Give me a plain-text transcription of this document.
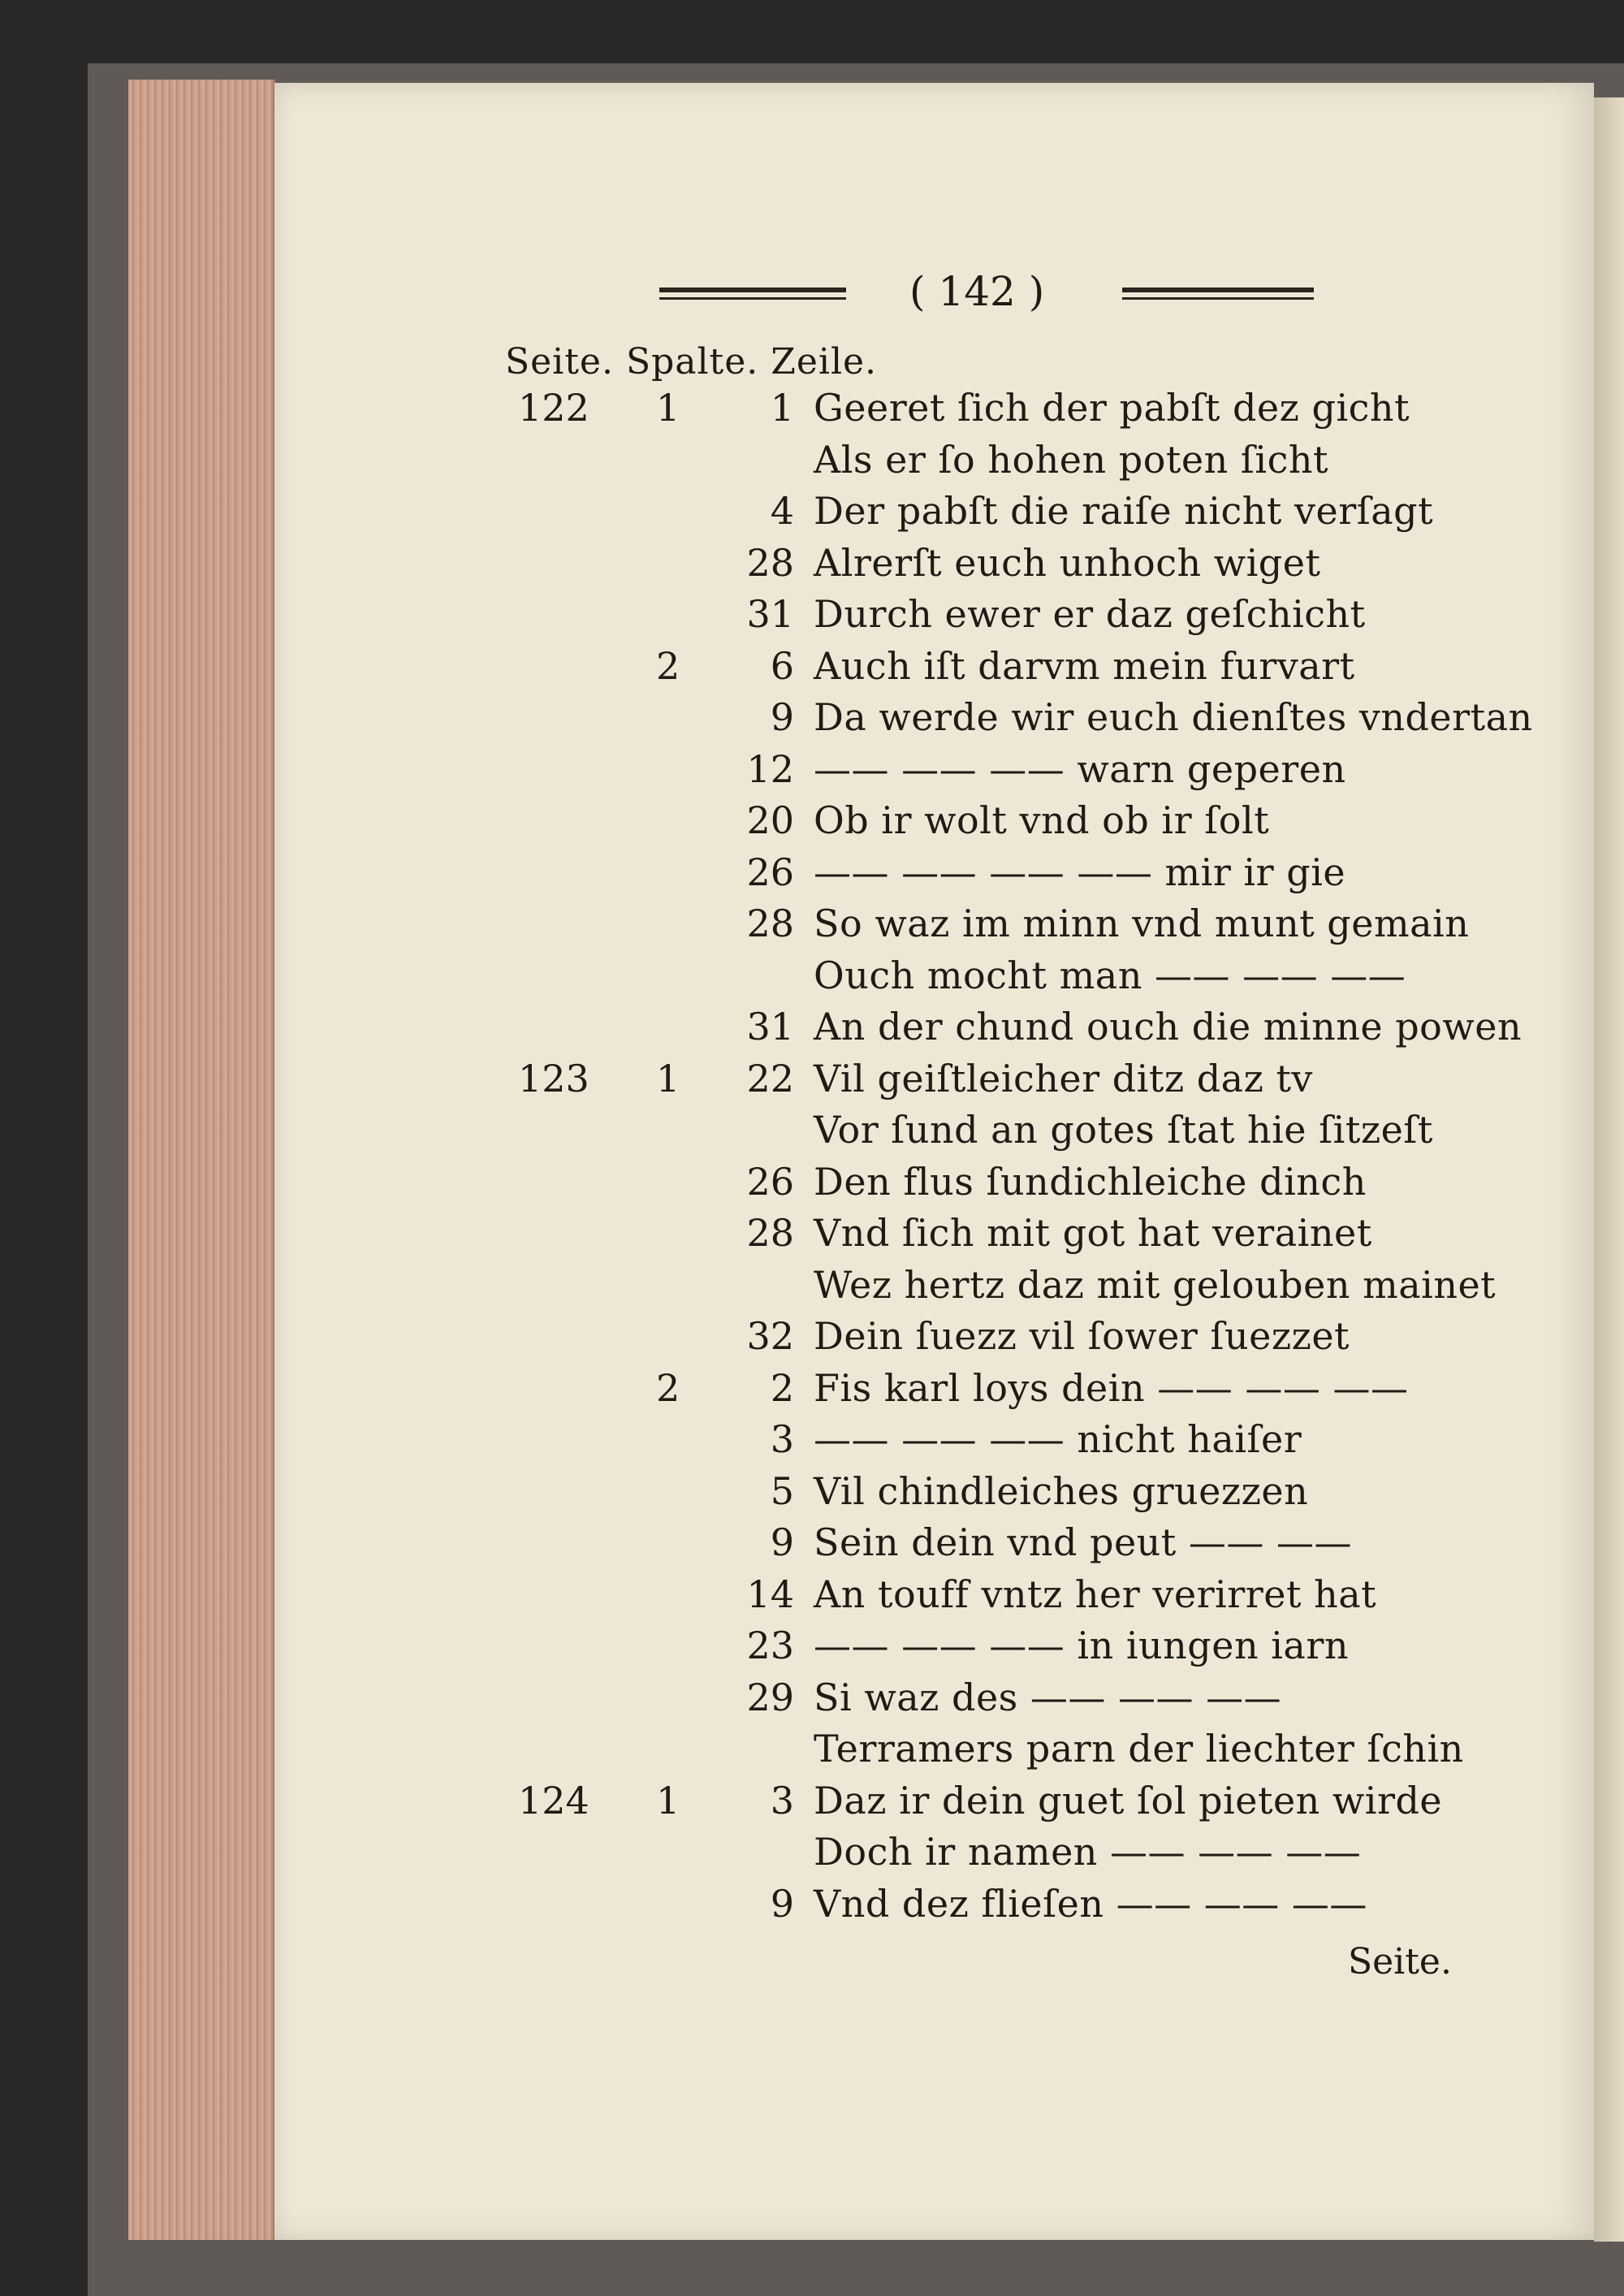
( 142 )
Seite. Spalte. Zeile.
122 1 1 Geeret ſich der pabſt dez gicht
Als er ſo hohen poten ſicht
4 Der pabſt die raiſe nicht verſagt
28 Alrerſt euch unhoch wiget
31 Durch ewer er daz geſchicht
2 6 Auch iſt darvm mein furvart
9 Da werde wir euch dienſtes vndertan
12 —— —— —— warn geperen
20 Ob ir wolt vnd ob ir ſolt
26 —— —— —— —— mir ir gie
28 So waz im minn vnd munt gemain
Ouch mocht man —— —— ——
31 An der chund ouch die minne powen
123 1 22 Vil geiſtleicher ditz daz tv
Vor ſund an gotes ſtat hie ſitzeſt
26 Den flus ſundichleiche dinch
28 Vnd ſich mit got hat verainet
Wez hertz daz mit gelouben mainet
32 Dein ſuezz vil ſower ſuezzet
2 2 Fis karl loys dein —— —— ——
3 —— —— —— nicht haiſer
5 Vil chindleiches gruezzen
9 Sein dein vnd peut —— ——
14 An touff vntz her verirret hat
23 —— —— —— in iungen iarn
29 Si waz des —— —— ——
Terramers parn der liechter ſchin
124 1 3 Daz ir dein guet ſol pieten wirde
Doch ir namen —— —— ——
9 Vnd dez flieſen —— —— ——
Seite.
